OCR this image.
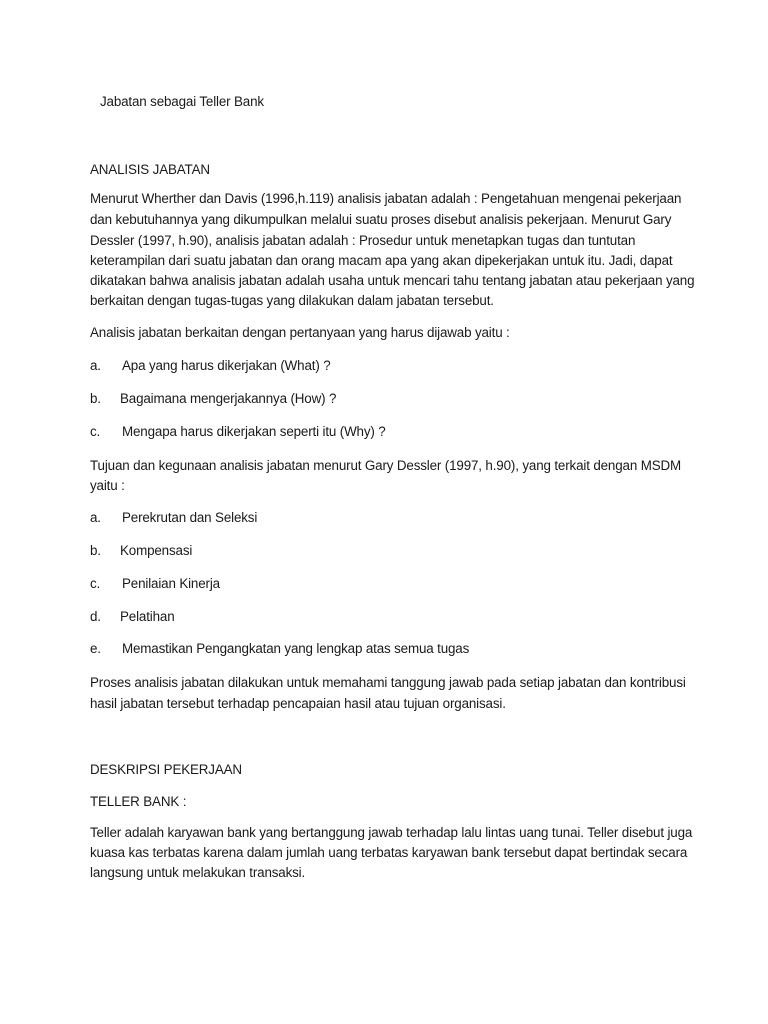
Jabatan sebagai Teller Bank
ANALISIS JABATAN
Menurut Wherther dan Davis (1996,h.119) analisis jabatan adalah : Pengetahuan mengenai pekerjaan
dan kebutuhannya yang dikumpulkan melalui suatu proses disebut analisis pekerjaan. Menurut Gary
Dessler (1997, h.90), analisis jabatan adalah : Prosedur untuk menetapkan tugas dan tuntutan
keterampilan dari suatu jabatan dan orang macam apa yang akan dipekerjakan untuk itu. Jadi, dapat
dikatakan bahwa analisis jabatan adalah usaha untuk mencari tahu tentang jabatan atau pekerjaan yang
berkaitan dengan tugas-tugas yang dilakukan dalam jabatan tersebut.
Analisis jabatan berkaitan dengan pertanyaan yang harus dijawab yaitu :
a. Apa yang harus dikerjakan (What) ?
b. Bagaimana mengerjakannya (How) ?
c. Mengapa harus dikerjakan seperti itu (Why) ?
Tujuan dan kegunaan analisis jabatan menurut Gary Dessler (1997, h.90), yang terkait dengan MSDM
yaitu :
a. Perekrutan dan Seleksi
b. Kompensasi
c. Penilaian Kinerja
d. Pelatihan
e. Memastikan Pengangkatan yang lengkap atas semua tugas
Proses analisis jabatan dilakukan untuk memahami tanggung jawab pada setiap jabatan dan kontribusi
hasil jabatan tersebut terhadap pencapaian hasil atau tujuan organisasi.
DESKRIPSI PEKERJAAN
TELLER BANK :
Teller adalah karyawan bank yang bertanggung jawab terhadap lalu lintas uang tunai. Teller disebut juga
kuasa kas terbatas karena dalam jumlah uang terbatas karyawan bank tersebut dapat bertindak secara
langsung untuk melakukan transaksi.
